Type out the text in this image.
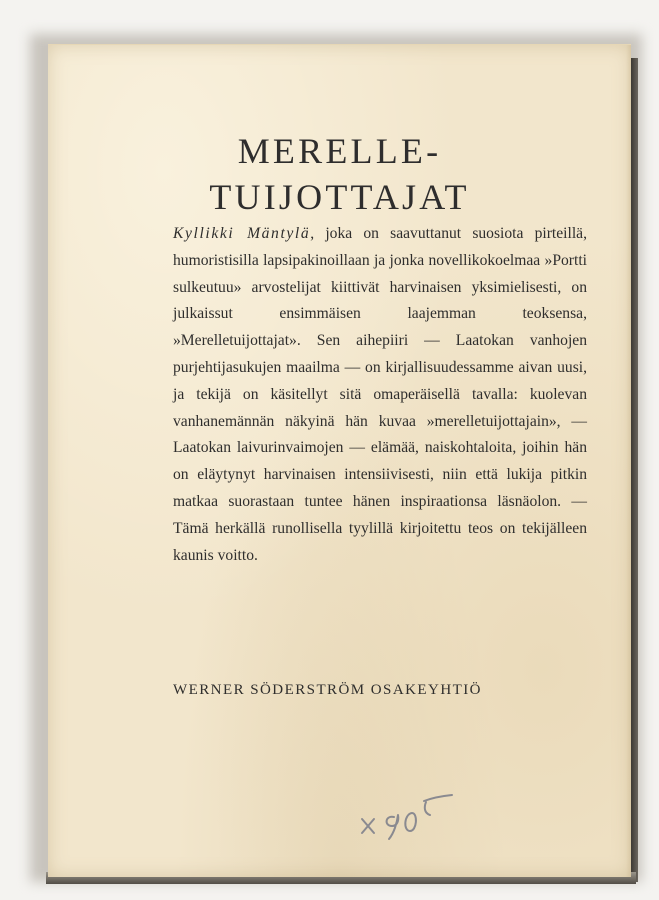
MERELLE-
TUIJOTTAJAT

Kyllikki Mäntylä, joka on saavuttanut suosiota pirteillä, humoristisilla lapsipakinoillaan ja jonka novellikokoelmaa »Portti sulkeutuu» arvostelijat kiittivät harvinaisen yksimielisesti, on julkaissut ensimmäisen laajemman teoksensa, »Merelletuijottajat». Sen aihepiiri — Laatokan vanhojen purjehtijasukujen maailma — on kirjallisuudessamme aivan uusi, ja tekijä on käsitellyt sitä omaperäisellä tavalla: kuolevan vanhanemännän näkyinä hän kuvaa »merelletuijottajain», — Laatokan laivurinvaimojen — elämää, naiskohtaloita, joihin hän on eläytynyt harvinaisen intensiivisesti, niin että lukija pitkin matkaa suorastaan tuntee hänen inspiraationsa läsnäolon. — Tämä herkällä runollisella tyylillä kirjoitettu teos on tekijälleen kaunis voitto.

WERNER SÖDERSTRÖM OSAKEYHTIÖ
